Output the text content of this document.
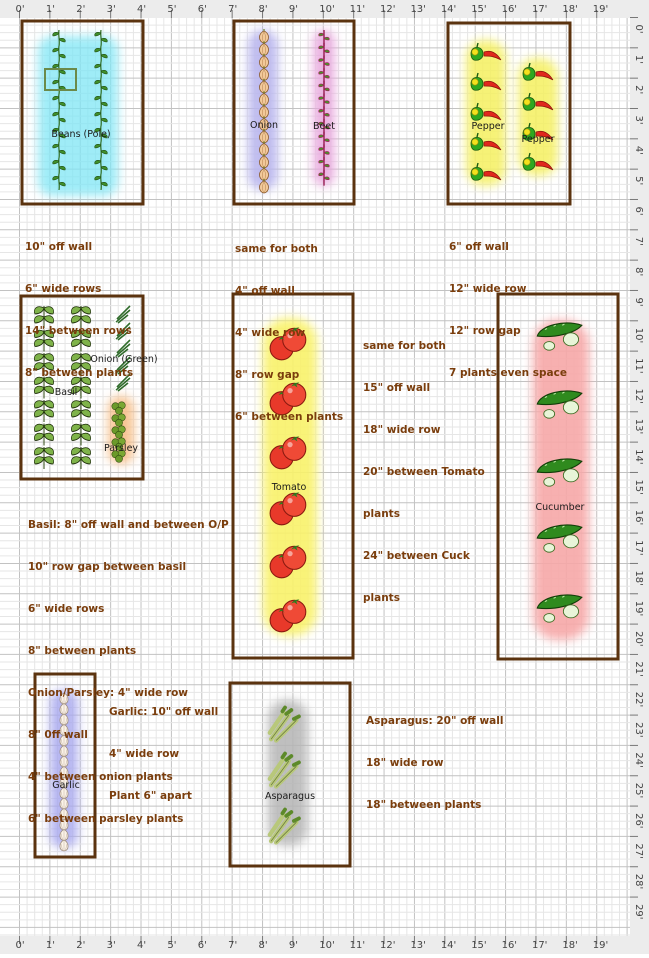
0'
0'
1'
1'
2'
2'
3'
3'
4'
4'
5'
5'
6'
6'
7'
7'
8'
8'
9'
9'
10'
10'
11'
11'
12'
12'
13'
13'
14'
14'
15'
15'
16'
16'
17'
17'
18'
18'
19'
19'
0'
1'
2'
3'
4'
5'
6'
7'
8'
9'
10'
11'
12'
13'
14'
15'
16'
17'
18'
19'
20'
21'
22'
23'
24'
25'
26'
27'
28'
29'
Beans (Pole)
Onion	Beet	Pepper
Pepper
Onion (Green)
Basil
Parsley
Tomato
Cucumber
Garlic
Asparagus

10" off wall

6" wide rows

14" between rows

8" between plants

same for both

4" off wall

4" wide row

8" row gap

6" between plants

6" off wall

12" wide row

12" row gap

7 plants even space

same for both

15" off wall

18" wide row

20" between Tomato

plants

24" between Cuck

plants

Basil: 8" off wall and between O/P

10" row gap between basil

6" wide rows

8" between plants

Onion/Parsley: 4" wide row

8" 0ff wall

4" between onion plants

6" between parsley plants

Garlic: 10" off wall

4" wide row

Plant 6" apart

Asparagus: 20" off wall

18" wide row

18" between plants
